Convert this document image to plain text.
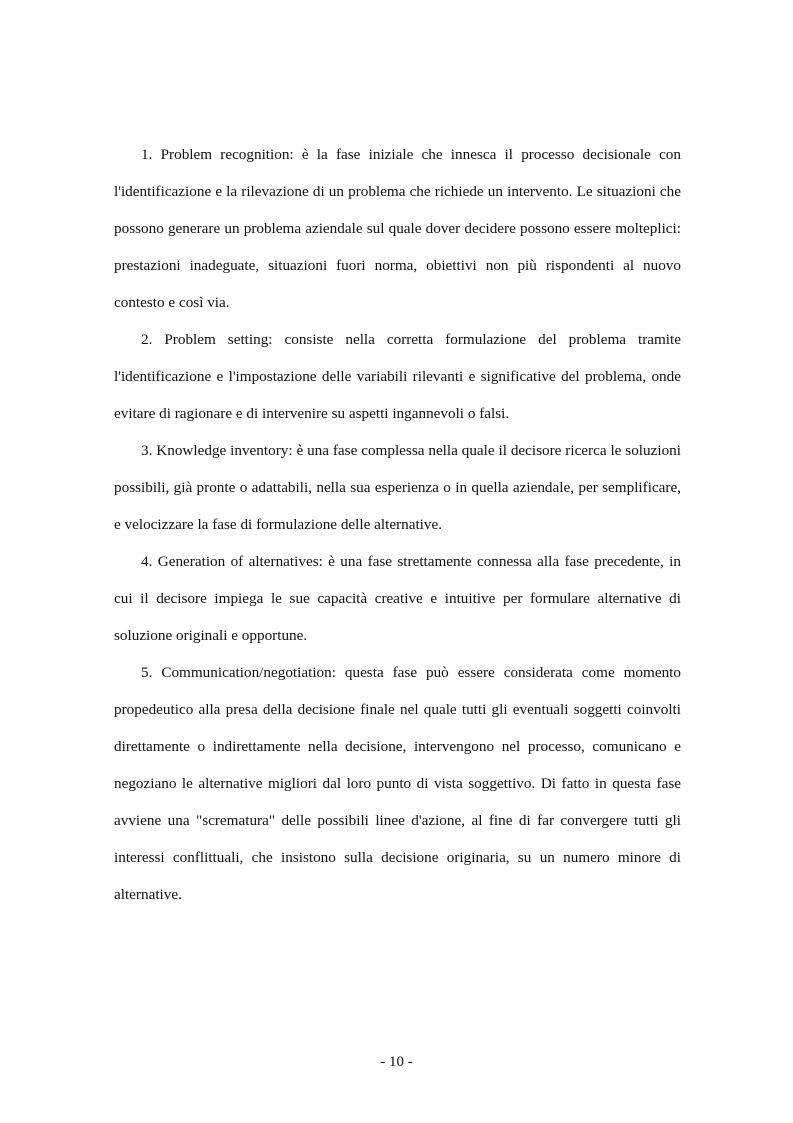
1. Problem recognition: è la fase iniziale che innesca il processo decisionale con l'identificazione e la rilevazione di un problema che richiede un intervento. Le situazioni che possono generare un problema aziendale sul quale dover decidere possono essere molteplici: prestazioni inadeguate, situazioni fuori norma, obiettivi non più rispondenti al nuovo contesto e così via.

2. Problem setting: consiste nella corretta formulazione del problema tramite l'identificazione e l'impostazione delle variabili rilevanti e significative del problema, onde evitare di ragionare e di intervenire su aspetti ingannevoli o falsi.

3. Knowledge inventory: è una fase complessa nella quale il decisore ricerca le soluzioni possibili, già pronte o adattabili, nella sua esperienza o in quella aziendale, per semplificare, e velocizzare la fase di formulazione delle alternative.

4. Generation of alternatives: è una fase strettamente connessa alla fase precedente, in cui il decisore impiega le sue capacità creative e intuitive per formulare alternative di soluzione originali e opportune.

5. Communication/negotiation: questa fase può essere considerata come momento propedeutico alla presa della decisione finale nel quale tutti gli eventuali soggetti coinvolti direttamente o indirettamente nella decisione, intervengono nel processo, comunicano e negoziano le alternative migliori dal loro punto di vista soggettivo. Di fatto in questa fase avviene una "scrematura" delle possibili linee d'azione, al fine di far convergere tutti gli interessi conflittuali, che insistono sulla decisione originaria, su un numero minore di alternative.

- 10 -
